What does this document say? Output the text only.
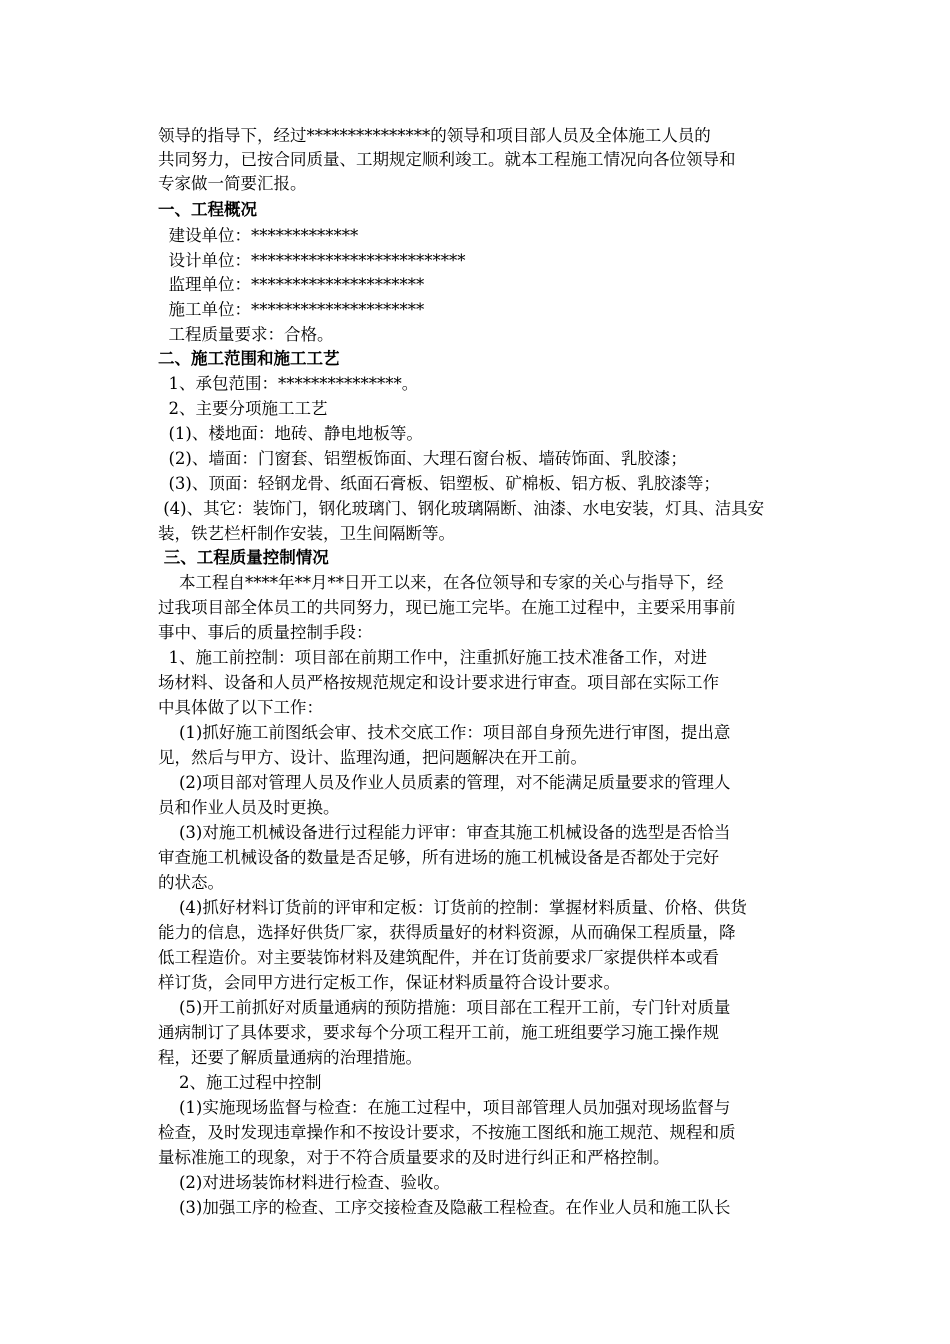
领导的指导下，经过***************的领导和项目部人员及全体施工人员的
共同努力，已按合同质量、工期规定顺利竣工。就本工程施工情况向各位领导和
专家做一简要汇报。
一、工程概况
建设单位：*************
设计单位：**************************
监理单位：*********************
施工单位：*********************
工程质量要求：合格。
二、施工范围和施工工艺
1、承包范围：***************。
2、主要分项施工工艺
(1)、楼地面：地砖、静电地板等。
(2)、墙面：门窗套、铝塑板饰面、大理石窗台板、墙砖饰面、乳胶漆；
(3)、顶面：轻钢龙骨、纸面石膏板、铝塑板、矿棉板、铝方板、乳胶漆等；
(4)、其它：装饰门，钢化玻璃门、钢化玻璃隔断、油漆、水电安装，灯具、洁具安
装，铁艺栏杆制作安装，卫生间隔断等。
三、工程质量控制情况
本工程自****年**月**日开工以来，在各位领导和专家的关心与指导下，经
过我项目部全体员工的共同努力，现已施工完毕。在施工过程中，主要采用事前
事中、事后的质量控制手段：
1、施工前控制：项目部在前期工作中，注重抓好施工技术准备工作，对进
场材料、设备和人员严格按规范规定和设计要求进行审查。项目部在实际工作
中具体做了以下工作：
(1)抓好施工前图纸会审、技术交底工作：项目部自身预先进行审图，提出意
见，然后与甲方、设计、监理沟通，把问题解决在开工前。
(2)项目部对管理人员及作业人员质素的管理，对不能满足质量要求的管理人
员和作业人员及时更换。
(3)对施工机械设备进行过程能力评审：审查其施工机械设备的选型是否恰当
审查施工机械设备的数量是否足够，所有进场的施工机械设备是否都处于完好
的状态。
(4)抓好材料订货前的评审和定板：订货前的控制：掌握材料质量、价格、供货
能力的信息，选择好供货厂家，获得质量好的材料资源，从而确保工程质量，降
低工程造价。对主要装饰材料及建筑配件，并在订货前要求厂家提供样本或看
样订货，会同甲方进行定板工作，保证材料质量符合设计要求。
(5)开工前抓好对质量通病的预防措施：项目部在工程开工前，专门针对质量
通病制订了具体要求，要求每个分项工程开工前，施工班组要学习施工操作规
程，还要了解质量通病的治理措施。
2、施工过程中控制
(1)实施现场监督与检查：在施工过程中，项目部管理人员加强对现场监督与
检查，及时发现违章操作和不按设计要求，不按施工图纸和施工规范、规程和质
量标准施工的现象，对于不符合质量要求的及时进行纠正和严格控制。
(2)对进场装饰材料进行检查、验收。
(3)加强工序的检查、工序交接检查及隐蔽工程检查。在作业人员和施工队长
